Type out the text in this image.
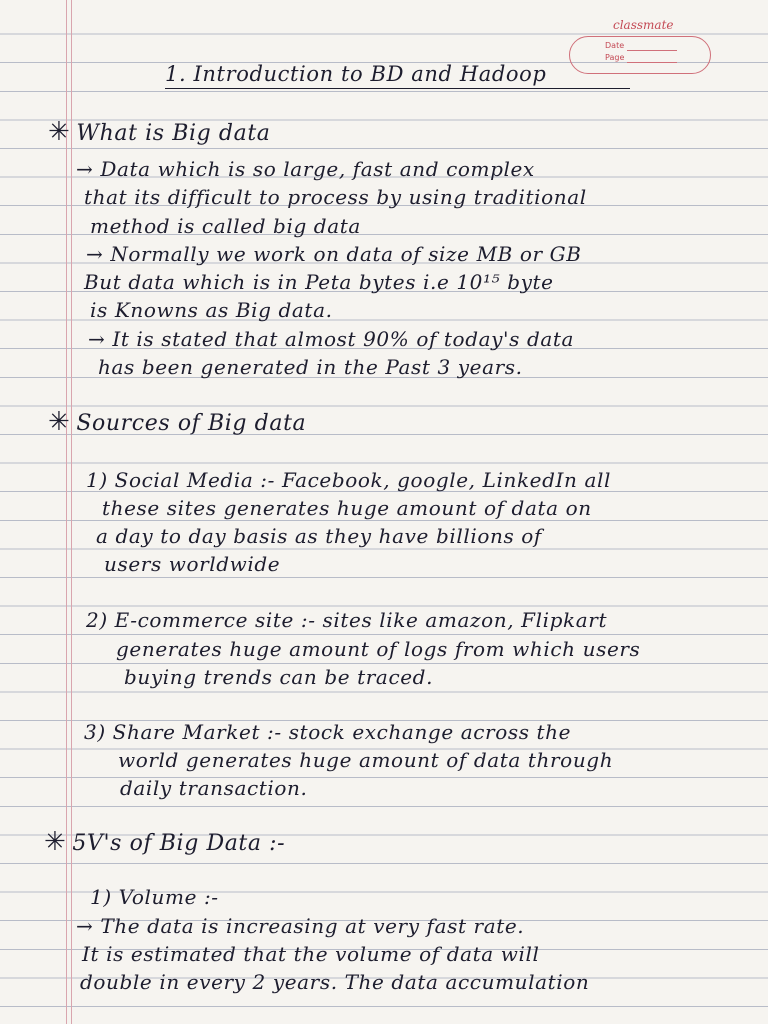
classmate
Date
Page
1. Introduction to BD and Hadoop
✳ What is Big data
→ Data which is so large, fast and complex
that its difficult to process by using traditional
method is called big data
→ Normally we work on data of size MB or GB
But data which is in Peta bytes i.e 10¹⁵ byte
is Knowns as Big data.
→ It is stated that almost 90% of today's data
has been generated in the Past 3 years.
✳ Sources of Big data
1) Social Media :- Facebook, google, LinkedIn all
these sites generates huge amount of data on
a day to day basis as they have billions of
users worldwide
2) E-commerce site :- sites like amazon, Flipkart
generates huge amount of logs from which users
buying trends can be traced.
3) Share Market :- stock exchange across the
world generates huge amount of data through
daily transaction.
✳ 5V's of Big Data :-
1) Volume :-
→ The data is increasing at very fast rate.
It is estimated that the volume of data will
double in every 2 years. The data accumulation
